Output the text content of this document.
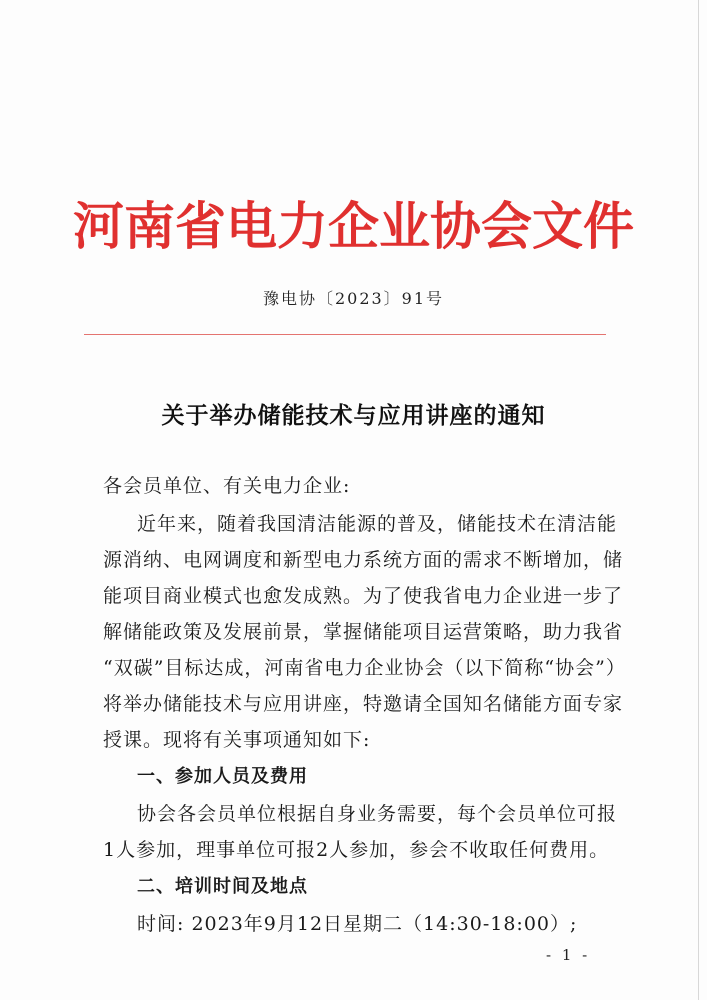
河南省电力企业协会文件
豫电协〔2023〕91号
关于举办储能技术与应用讲座的通知
各会员单位、有关电力企业:
近年来，随着我国清洁能源的普及，储能技术在清洁能
源消纳、电网调度和新型电力系统方面的需求不断增加，储
能项目商业模式也愈发成熟。为了使我省电力企业进一步了
解储能政策及发展前景，掌握储能项目运营策略，助力我省
“双碳”目标达成，河南省电力企业协会（以下简称“协会”）
将举办储能技术与应用讲座，特邀请全国知名储能方面专家
授课。现将有关事项通知如下:
一、参加人员及费用
协会各会员单位根据自身业务需要，每个会员单位可报
1人参加，理事单位可报2人参加，参会不收取任何费用。
二、培训时间及地点
时间: 2023年9月12日星期二（14:30-18:00）;
- 1 -
